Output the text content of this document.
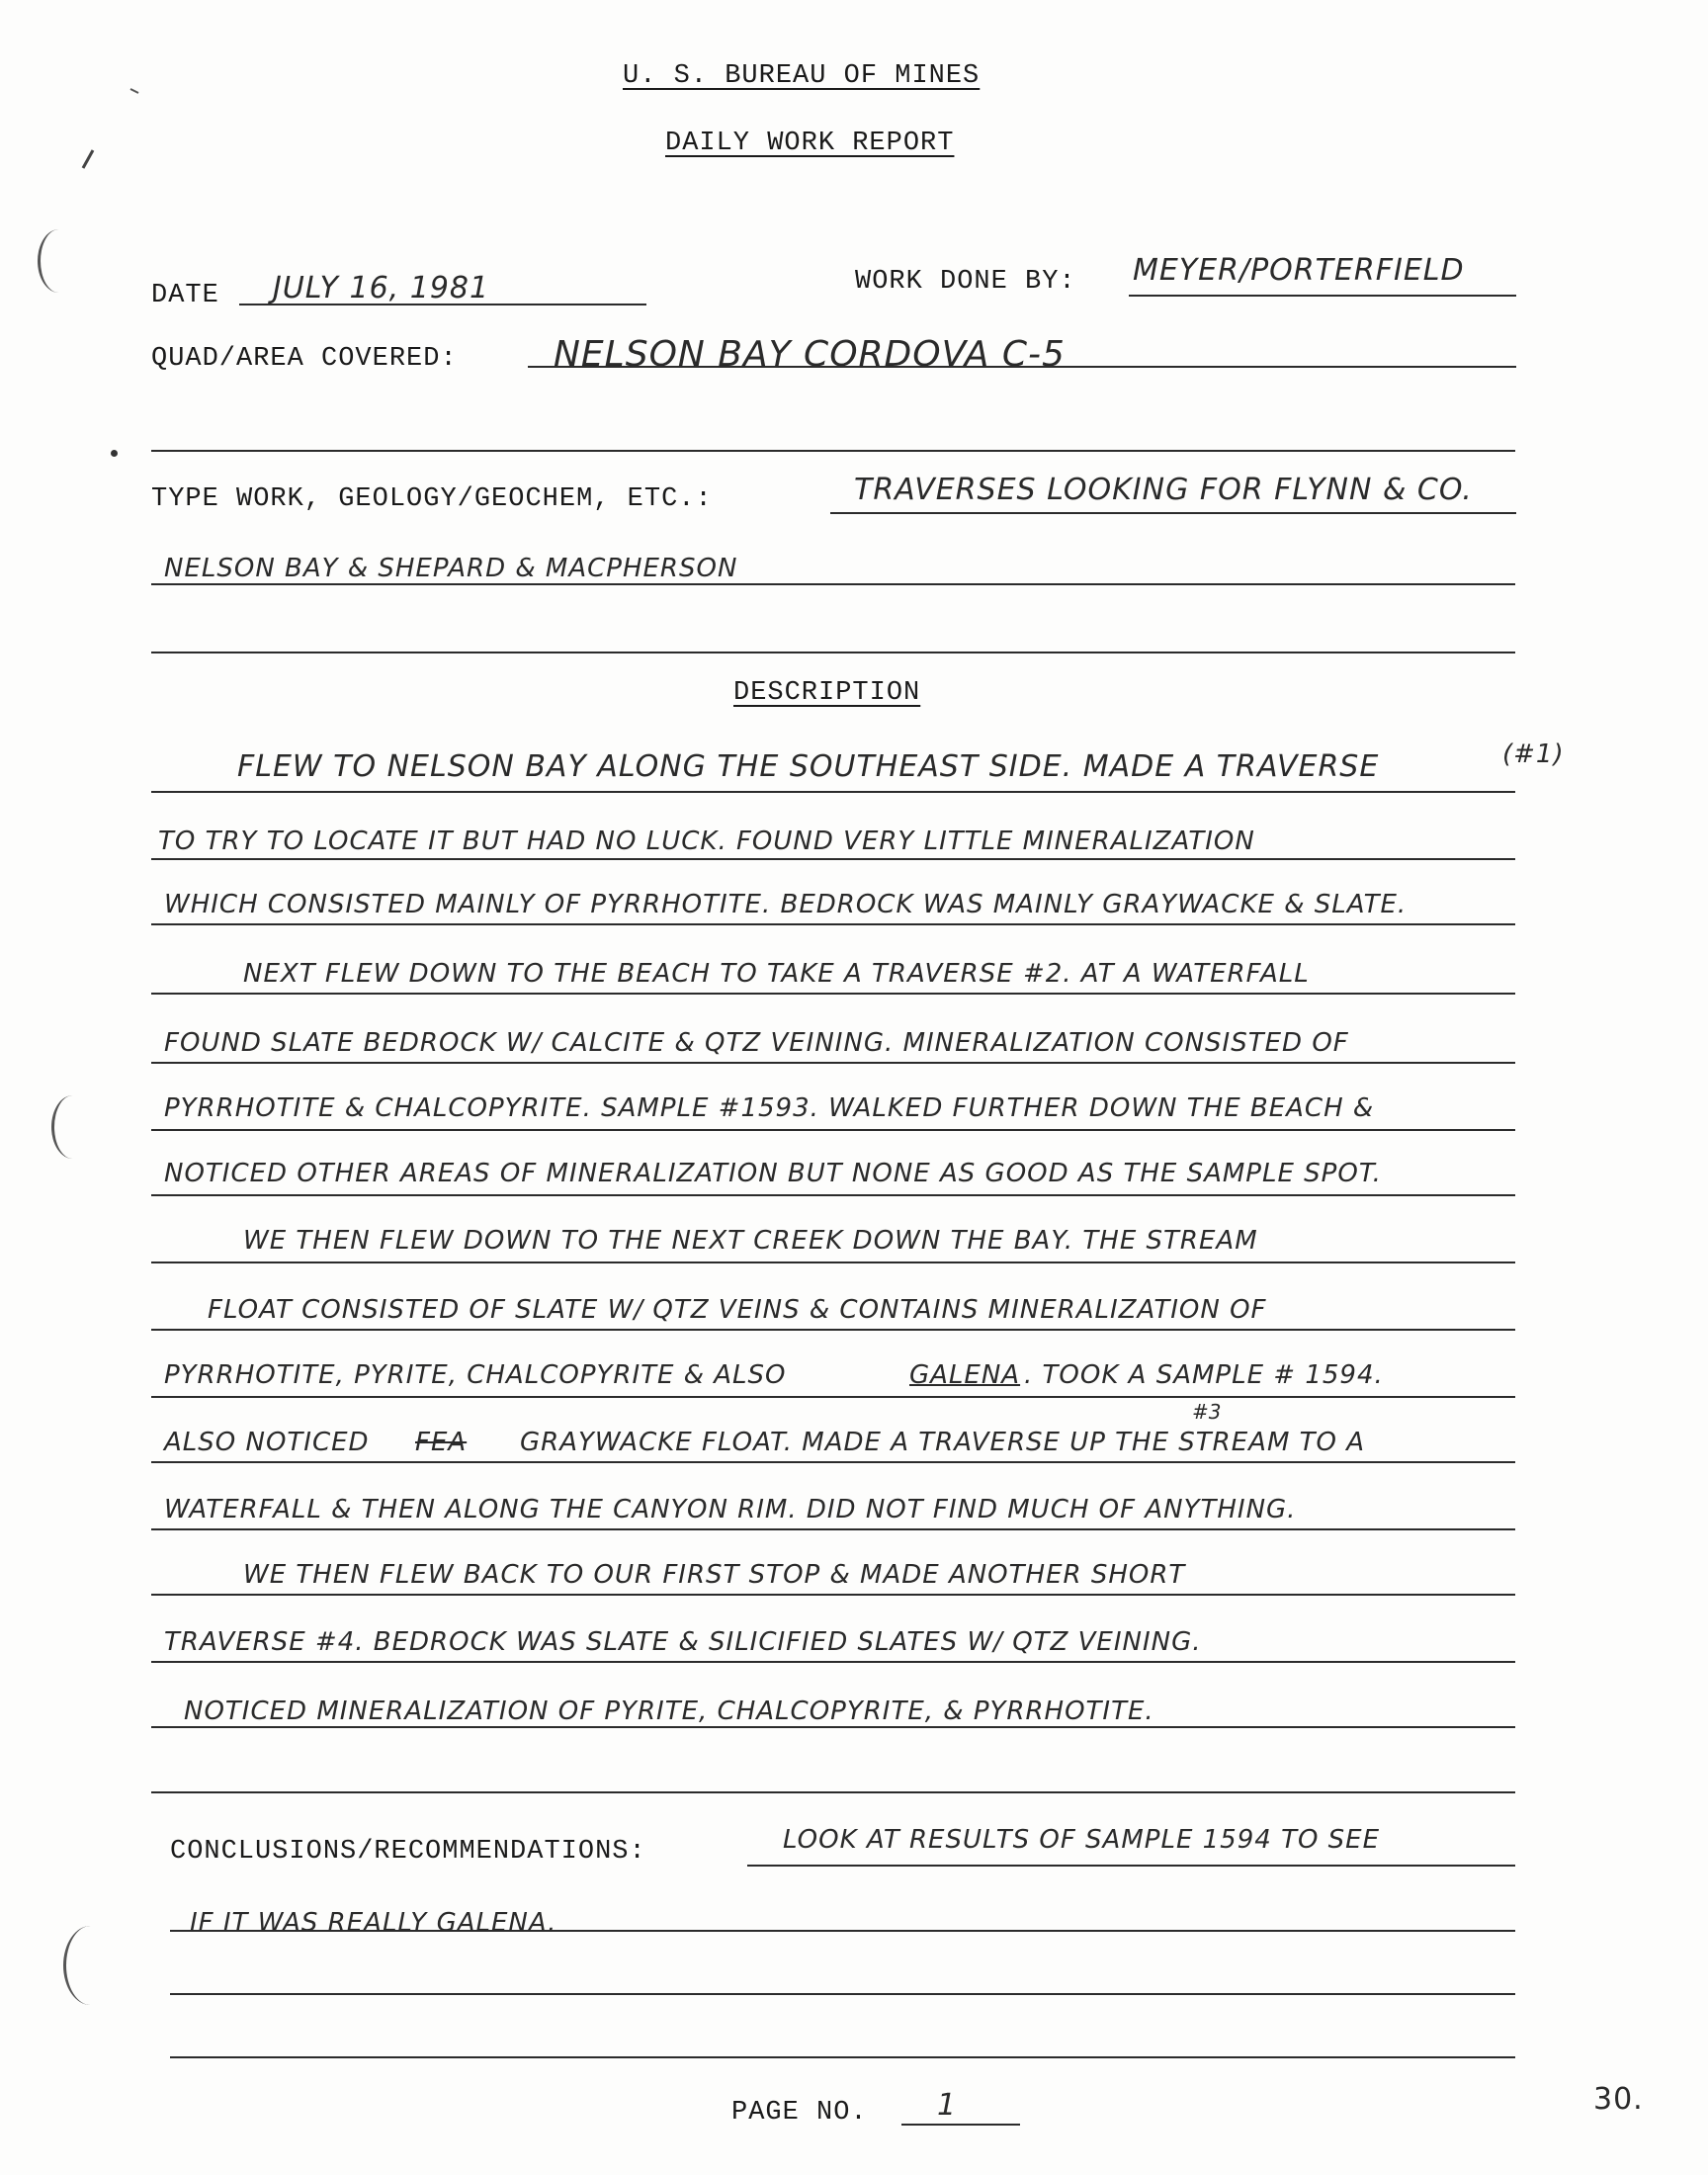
U. S. BUREAU OF MINES
DAILY WORK REPORT
DATE JULY 16, 1981	WORK DONE BY: MEYER/PORTERFIELD
QUAD/AREA COVERED:	NELSON BAY CORDOVA C-5
TYPE WORK, GEOLOGY/GEOCHEM, ETC.:	TRAVERSES LOOKING FOR FLYNN & CO.
NELSON BAY & SHEPARD & MACPHERSON
DESCRIPTION
FLEW TO NELSON BAY ALONG THE SOUTHEAST SIDE. MADE A TRAVERSE	(#1)
TO TRY TO LOCATE IT BUT HAD NO LUCK. FOUND VERY LITTLE MINERALIZATION
WHICH CONSISTED MAINLY OF PYRRHOTITE. BEDROCK WAS MAINLY GRAYWACKE & SLATE.
NEXT FLEW DOWN TO THE BEACH TO TAKE A TRAVERSE #2. AT A WATERFALL
FOUND SLATE BEDROCK W/ CALCITE & QTZ VEINING. MINERALIZATION CONSISTED OF
PYRRHOTITE & CHALCOPYRITE. SAMPLE #1593. WALKED FURTHER DOWN THE BEACH &
NOTICED OTHER AREAS OF MINERALIZATION BUT NONE AS GOOD AS THE SAMPLE SPOT.
WE THEN FLEW DOWN TO THE NEXT CREEK DOWN THE BAY. THE STREAM
FLOAT CONSISTED OF SLATE W/ QTZ VEINS & CONTAINS MINERALIZATION OF
PYRRHOTITE, PYRITE, CHALCOPYRITE & ALSO	GALENA . TOOK A SAMPLE # 1594.
#3
ALSO NOTICED FEA GRAYWACKE FLOAT. MADE A TRAVERSE UP THE STREAM TO A
WATERFALL & THEN ALONG THE CANYON RIM. DID NOT FIND MUCH OF ANYTHING.
WE THEN FLEW BACK TO OUR FIRST STOP & MADE ANOTHER SHORT
TRAVERSE #4. BEDROCK WAS SLATE & SILICIFIED SLATES W/ QTZ VEINING.
NOTICED MINERALIZATION OF PYRITE, CHALCOPYRITE, & PYRRHOTITE.
CONCLUSIONS/RECOMMENDATIONS:	LOOK AT RESULTS OF SAMPLE 1594 TO SEE
IF IT WAS REALLY GALENA.
PAGE NO. 1	30.
